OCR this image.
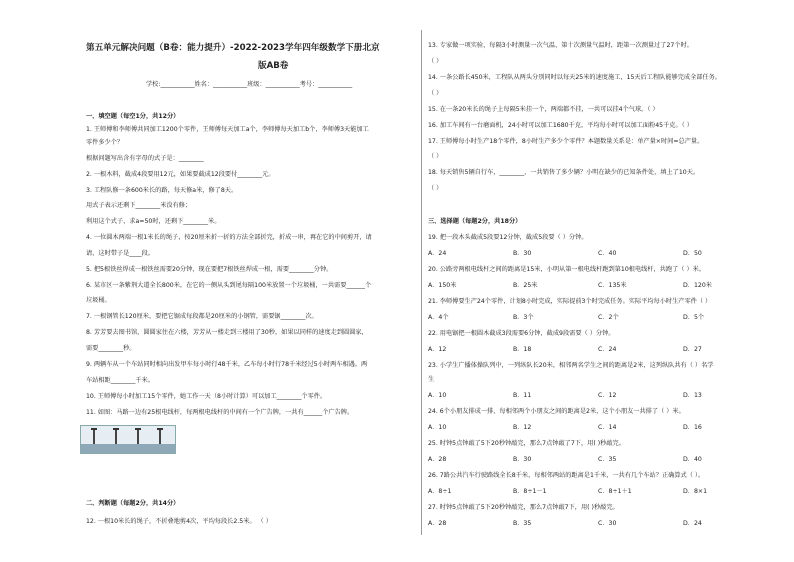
第五单元解决问题（B卷：能力提升）-2022-2023学年四年级数学下册北京
版AB卷
学校:___________姓名：___________班级：___________考号：___________
一、填空题（每空1分，共12分）
1. 王师傅和李师傅共同加工1200个零件，王师傅每天加工a个，李师傅每天加工b个，李师傅3天能加工
零件多少个？
根据问题写出含有字母的式子是：________
2. 一根木料，截成4段要用12元，如果要截成12段要付________元。
3. 工程队修一条600米长的路，每天修a米，修了8天。
用式子表示还剩下________米没有修；
利用这个式子，求a=50时，还剩下________米。
4. 一位圆木两端一根1米长的绳子，按20厘米折一折的方法全部折完，折成一串，再在它的中间剪开，请
请，这时带子是____段。
5. 把5根铁丝焊成一根铁丝需要20分钟，现在要把7根铁丝焊成一根，需要________分钟。
6. 某市区一条紫荆大道全长800米，在它的一侧从头到尾每隔100米放置一个垃圾桶，一共需要______个
垃圾桶。
7. 一根钢管长120厘米，要把它锯成每段都是20厘米的小钢管，需要锯________次。
8. 芳芳要去图书馆，圆圆家住在六楼，芳芳从一楼走到三楼用了30秒，如果以同样的速度走到圆圆家，
需要________秒。
9. 两辆车从一个车站同时相向出发甲车每小时行48千米，乙车每小时行78千米经过5小时两车相遇。两
车站相距________千米。
10. 王师傅每小时加工15个零件，她工作一天（8小时计算）可以加工________个零件。
11. 如图：马路一边有25根电线杆，每两根电线杆的中间有一个广告牌，一共有______个广告牌。
二、判断题（每题2分，共14分）
12. 一根10米长的绳子，不折叠地剪4次，平均每段长2.5米。 （ ）
13. 专家做一项实验，每隔3小时测量一次气温，第十次测量气温时，距第一次测量过了27个时。
（ ）
14. 一条公路长450米，工程队从两头分别同时以每天25米的速度施工，15天后工程队能够完成全部任务。
（ ）
15. 在一条20米长的绳子上每隔5米挂一个，两端都不挂，一共可以挂4个气球。（ ）
16. 加工车间有一台磨面机，24小时可以加工1680千克，平均每小时可以加工面粉45千克。（ ）
17. 王师傅每小时生产18个零件，8小时生产多少个零件？本题数量关系是：单产量×时间=总产量。
（ ）
18. 每天销售5辆自行车，________，一共销售了多少辆？小明在缺少的已知条件处，填上了10天。
（ ）
三、选择题（每题2分，共18分）
19. 把一段木头截成5段要12分钟，截成5段要（ ）分钟。
A．24	B．30	C．40	D．50
20. 公路旁两根电线杆之间的距离是15米，小明从第一根电线杆跑到第10根电线杆，共跑了（ ）米。
A．150米	B．25米	C．135米	D．120米
21. 李师傅要生产24个零件，计划8小时完成，实际提前3个时完成任务。实际平均每小时生产零件（ ）
A．4个	B．3个	C．2个	D．5个
22. 用电锯把一根圆木截成3段需要6分钟，截成9段需要（ ）分钟。
A．12	B．18	C．24	D．27
23. 小学生广播体操队列中，一列纵队长20米，相邻两名学生之间的距离是2米，这列纵队共有（ ）名学
生
A．10	B．11	C．12	D．13
24. 6个小朋友排成一排，每相邻两个小朋友之间的距离是2米，这个小朋友一共排了（ ）米。
A．10	B．12	C．14	D．16
25. 时钟5点钟敲了5下20秒钟敲完，那么7点钟敲了7下，用( )秒敲完。
A．28	B．30	C．35	D．40
26. 7路公共汽车行驶路线全长8千米，每相邻两站的距离是1千米，一共有几个车站？正确算式（ ）。
A．8÷1	B．8÷1－1	C．8÷1＋1	D．8×1
27. 时钟5点钟敲了5下20秒钟敲完，那么7点钟敲7下，用( )秒敲完。
A．28	B．35	C．30	D．24
